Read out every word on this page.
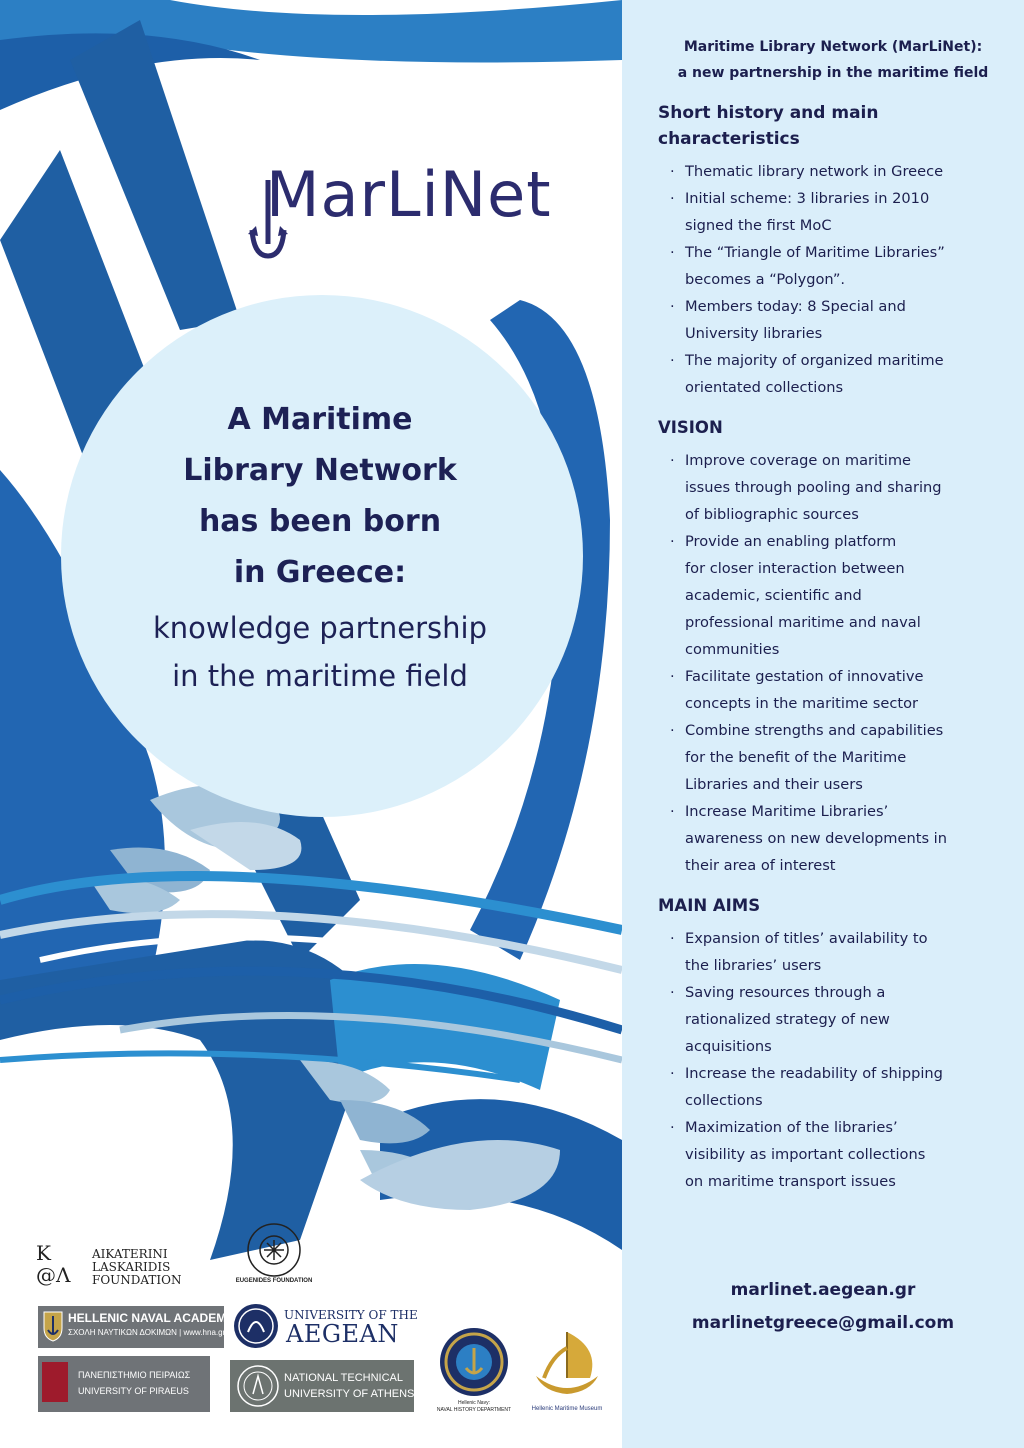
MarLiNet
A Maritime
Library Network
has been born
in Greece:
knowledge partnership
in the maritime field
K
@Λ
AIKATERINI
LASKARIDIS
FOUNDATION	EUGENIDES FOUNDATION
HELLENIC NAVAL ACADEMY
ΣΧΟΛΗ ΝΑΥΤΙΚΩΝ ΔΟΚΙΜΩΝ | www.hna.gr
UNIVERSITY OF THE
AEGEAN
ΠΑΝΕΠΙΣΤΗΜΙΟ ΠΕΙΡΑΙΩΣ
UNIVERSITY OF PIRAEUS
NATIONAL TECHNICAL
UNIVERSITY OF ATHENS
Hellenic Navy:
NAVAL HISTORY DEPARTMENT	Hellenic Maritime Museum
Maritime Library Network (MarLiNet):
a new partnership in the maritime field
Short history and main
characteristics
· Thematic library network in Greece
· Initial scheme: 3 libraries in 2010
signed the first MoC
· The “Triangle of Maritime Libraries”
becomes a “Polygon”.
· Members today: 8 Special and
University libraries
· The majority of organized maritime
orientated collections
VISION
· Improve coverage on maritime
issues through pooling and sharing
of bibliographic sources
· Provide an enabling platform
for closer interaction between
academic, scientific and
professional maritime and naval
communities
· Facilitate gestation of innovative
concepts in the maritime sector
· Combine strengths and capabilities
for the benefit of the Maritime
Libraries and their users
· Increase Maritime Libraries’
awareness on new developments in
their area of interest
MAIN AIMS
· Expansion of titles’ availability to
the libraries’ users
· Saving resources through a
rationalized strategy of new
acquisitions
· Increase the readability of shipping
collections
· Maximization of the libraries’
visibility as important collections
on maritime transport issues
marlinet.aegean.gr
marlinetgreece@gmail.com
